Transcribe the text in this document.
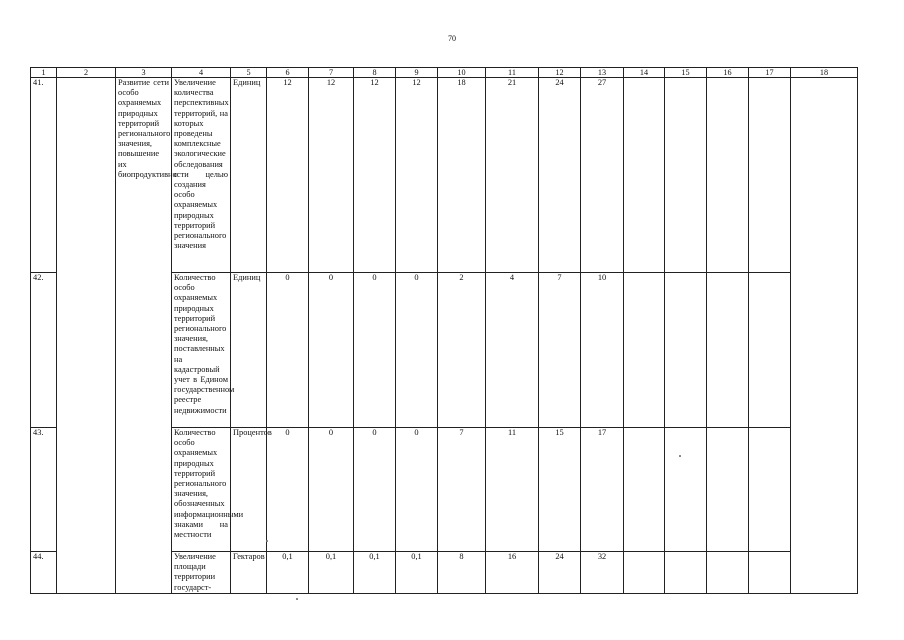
70
1	2	3	4	5	6	7	8	9	10	11	12	13	14	15	16	17	18
41.		Развитие сети особо охраняемых природных территорий регионального значения, повышение их биопродуктивности	Увеличение количества перспективных территорий, на которых проведены комплексные экологические обследования с целью создания особо охраняемых природных территорий регионального значения	Единиц	12	12	12	12	18	21	24	27					
42.			Количество особо охраняемых природных территорий регионального значения, поставленных на кадастровый учет в Едином государственном реестре недвижимости	Единиц	0	0	0	0	2	4	7	10					
43.			Количество особо охраняемых природных территорий регионального значения, обозначенных информационными знаками на местности	Процентов	0	0	0	0	7	11	15	17					
44.			Увеличение площади территории государст-	Гектаров	0,1	0,1	0,1	0,1	8	16	24	32					
